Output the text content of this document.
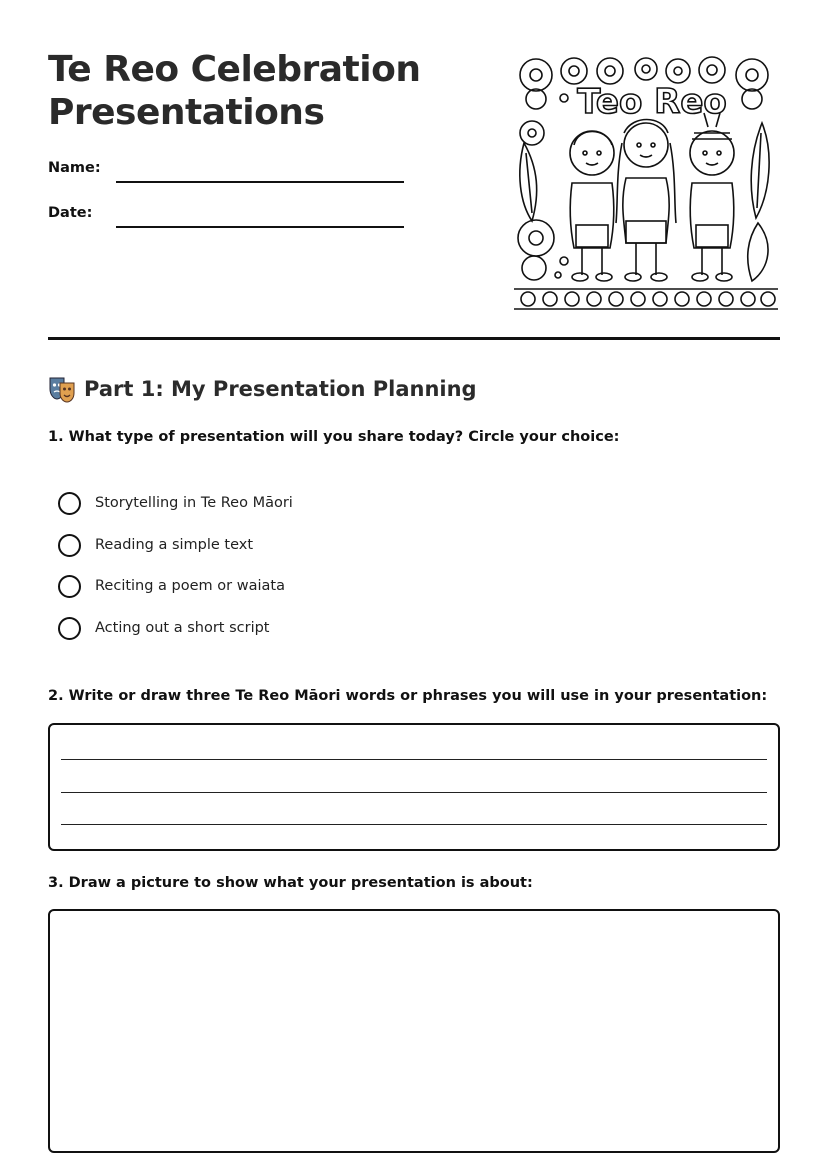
Te Reo Celebration Presentations
Name:
Date:
Teo Reo
Part 1: My Presentation Planning
1. What type of presentation will you share today? Circle your choice:
Storytelling in Te Reo Māori
Reading a simple text
Reciting a poem or waiata
Acting out a short script
2. Write or draw three Te Reo Māori words or phrases you will use in your presentation:
3. Draw a picture to show what your presentation is about:
